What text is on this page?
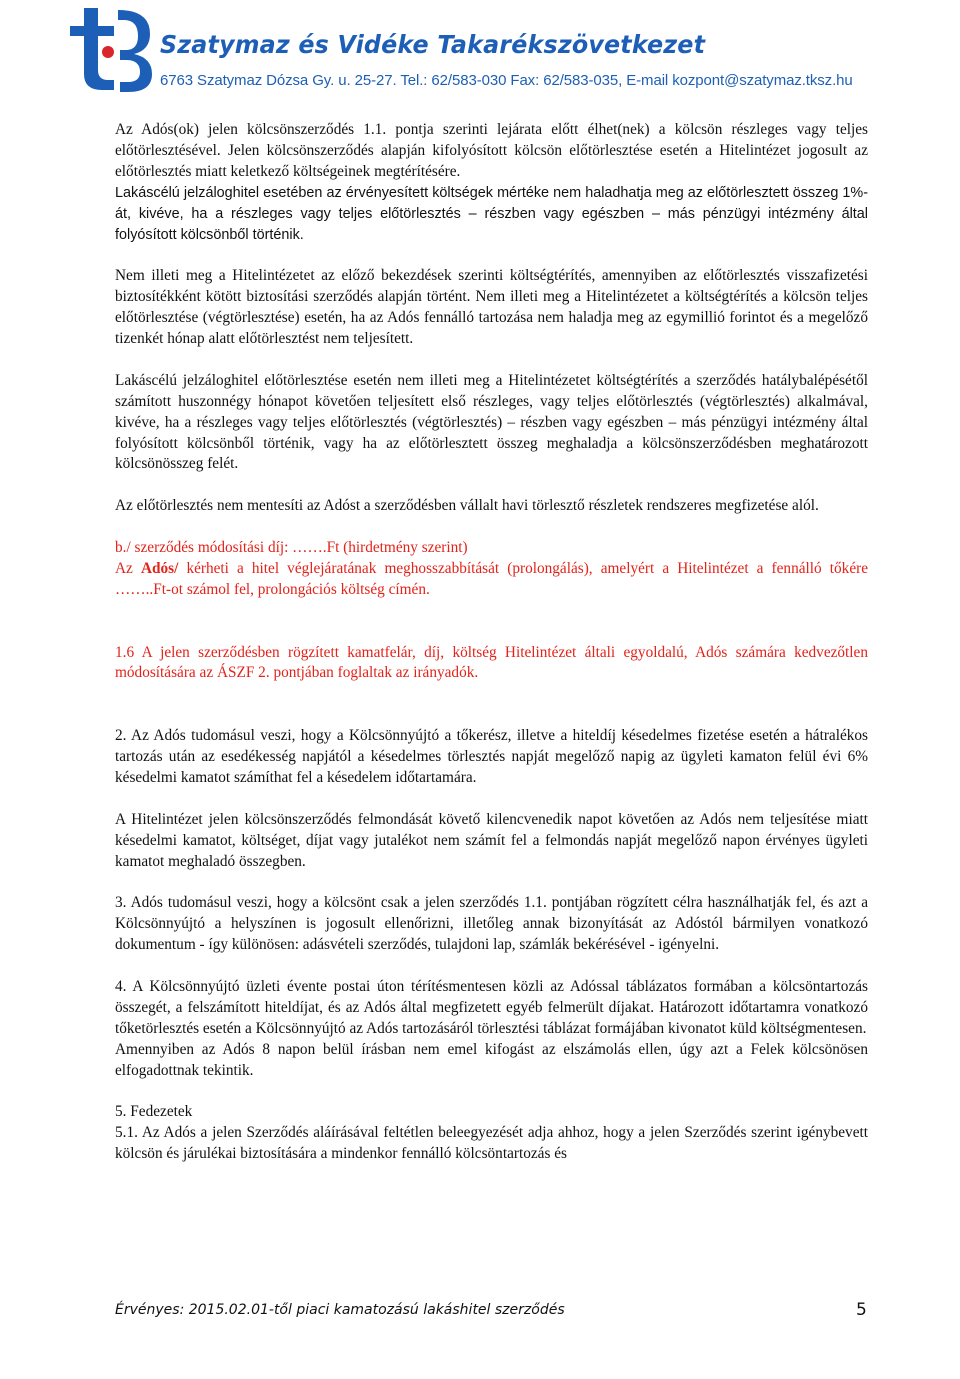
Szatymaz és Vidéke Takarékszövetkezet
6763 Szatymaz Dózsa Gy. u. 25-27. Tel.: 62/583-030 Fax: 62/583-035, E-mail kozpont@szatymaz.tksz.hu

Az Adós(ok) jelen kölcsönszerződés 1.1. pontja szerinti lejárata előtt élhet(nek) a kölcsön részleges vagy teljes előtörlesztésével. Jelen kölcsönszerződés alapján kifolyósított kölcsön előtörlesztése esetén a Hitelintézet jogosult az előtörlesztés miatt keletkező költségeinek megtérítésére.

Lakáscélú jelzáloghitel esetében az érvényesített költségek mértéke nem haladhatja meg az előtörlesztett összeg 1%-át, kivéve, ha a részleges vagy teljes előtörlesztés – részben vagy egészben – más pénzügyi intézmény által folyósított kölcsönből történik.

Nem illeti meg a Hitelintézetet az előző bekezdések szerinti költségtérítés, amennyiben az előtörlesztés visszafizetési biztosítékként kötött biztosítási szerződés alapján történt. Nem illeti meg a Hitelintézetet a költségtérítés a kölcsön teljes előtörlesztése (végtörlesztése) esetén, ha az Adós fennálló tartozása nem haladja meg az egymillió forintot és a megelőző tizenkét hónap alatt előtörlesztést nem teljesített.

Lakáscélú jelzáloghitel előtörlesztése esetén nem illeti meg a Hitelintézetet költségtérítés a szerződés hatálybalépésétől számított huszonnégy hónapot követően teljesített első részleges, vagy teljes előtörlesztés (végtörlesztés) alkalmával, kivéve, ha a részleges vagy teljes előtörlesztés (végtörlesztés) – részben vagy egészben – más pénzügyi intézmény által folyósított kölcsönből történik, vagy ha az előtörlesztett összeg meghaladja a kölcsönszerződésben meghatározott kölcsönösszeg felét.

Az előtörlesztés nem mentesíti az Adóst a szerződésben vállalt havi törlesztő részletek rendszeres megfizetése alól.

b./ szerződés módosítási díj: …….Ft (hirdetmény szerint)

Az Adós/ kérheti a hitel véglejáratának meghosszabbítását (prolongálás), amelyért a Hitelintézet a fennálló tőkére ……..Ft-ot számol fel, prolongációs költség címén.

1.6 A jelen szerződésben rögzített kamatfelár, díj, költség Hitelintézet általi egyoldalú, Adós számára kedvezőtlen módosítására az ÁSZF 2. pontjában foglaltak az irányadók.

2. Az Adós tudomásul veszi, hogy a Kölcsönnyújtó a tőkerész, illetve a hiteldíj késedelmes fizetése esetén a hátralékos tartozás után az esedékesség napjától a késedelmes törlesztés napját megelőző napig az ügyleti kamaton felül évi 6% késedelmi kamatot számíthat fel a késedelem időtartamára.

A Hitelintézet jelen kölcsönszerződés felmondását követő kilencvenedik napot követően az Adós nem teljesítése miatt késedelmi kamatot, költséget, díjat vagy jutalékot nem számít fel a felmondás napját megelőző napon érvényes ügyleti kamatot meghaladó összegben.

3. Adós tudomásul veszi, hogy a kölcsönt csak a jelen szerződés 1.1. pontjában rögzített célra használhatják fel, és azt a Kölcsönnyújtó a helyszínen is jogosult ellenőrizni, illetőleg annak bizonyítását az Adóstól bármilyen vonatkozó dokumentum - így különösen: adásvételi szerződés, tulajdoni lap, számlák bekérésével - igényelni.

4. A Kölcsönnyújtó üzleti évente postai úton térítésmentesen közli az Adóssal táblázatos formában a kölcsöntartozás összegét, a felszámított hiteldíjat, és az Adós által megfizetett egyéb felmerült díjakat. Határozott időtartamra vonatkozó tőketörlesztés esetén a Kölcsönnyújtó az Adós tartozásáról törlesztési táblázat formájában kivonatot küld költségmentesen.

Amennyiben az Adós 8 napon belül írásban nem emel kifogást az elszámolás ellen, úgy azt a Felek kölcsönösen elfogadottnak tekintik.

5. Fedezetek

5.1. Az Adós a jelen Szerződés aláírásával feltétlen beleegyezését adja ahhoz, hogy a jelen Szerződés szerint igénybevett kölcsön és járulékai biztosítására a mindenkor fennálló kölcsöntartozás és

Érvényes: 2015.02.01-től piaci kamatozású lakáshitel szerződés	5
